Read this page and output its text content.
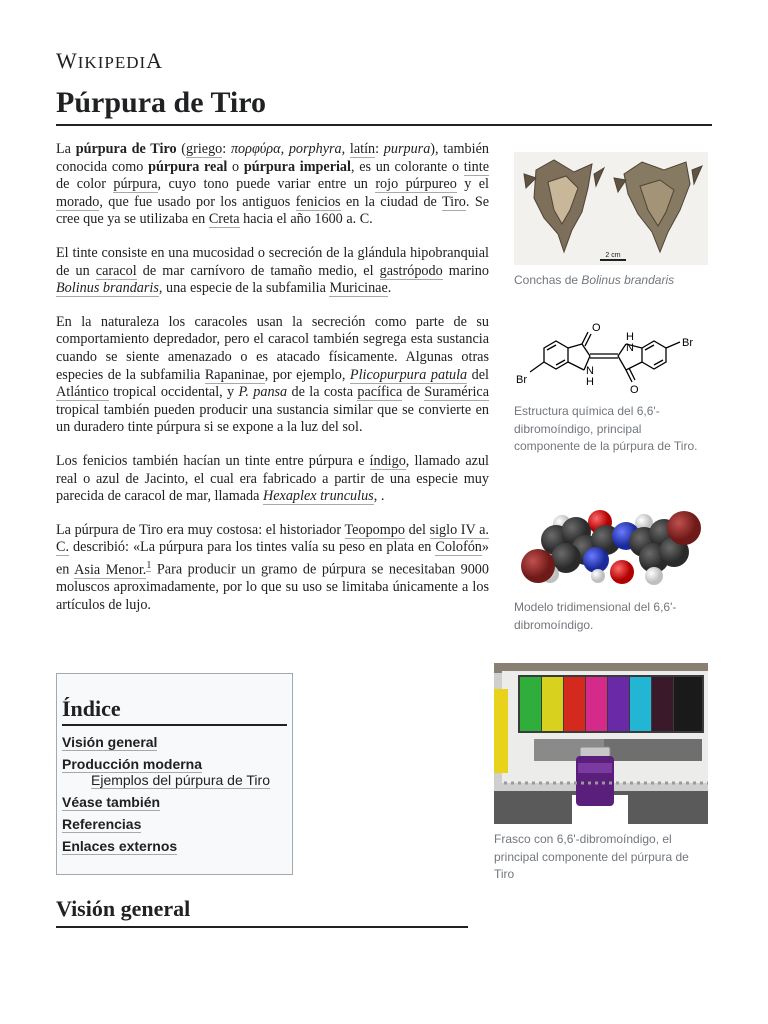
WIKIPEDIA
Púrpura de Tiro

La púrpura de Tiro (griego: πορφύρα, porphyra, latín: purpura), también conocida como púrpura real o púrpura imperial, es un colorante o tinte de color púrpura, cuyo tono puede variar entre un rojo púrpureo y el morado, que fue usado por los antiguos fenicios en la ciudad de Tiro. Se cree que ya se utilizaba en Creta hacia el año 1600 a. C.

El tinte consiste en una mucosidad o secreción de la glándula hipobranquial de un caracol de mar carnívoro de tamaño medio, el gastrópodo marino Bolinus brandaris, una especie de la subfamilia Muricinae.

En la naturaleza los caracoles usan la secreción como parte de su comportamiento depredador, pero el caracol también segrega esta sustancia cuando se siente amenazado o es atacado físicamente. Algunas otras especies de la subfamilia Rapaninae, por ejemplo, Plicopurpura patula del Atlántico tropical occidental, y P. pansa de la costa pacífica de Suramérica tropical también pueden producir una sustancia similar que se convierte en un duradero tinte púrpura si se expone a la luz del sol.

Los fenicios también hacían un tinte entre púrpura e índigo, llamado azul real o azul de Jacinto, el cual era fabricado a partir de una especie muy parecida de caracol de mar, llamada Hexaplex trunculus, .

La púrpura de Tiro era muy costosa: el historiador Teopompo del siglo IV a. C. describió: «La púrpura para los tintes valía su peso en plata en Colofón» en Asia Menor.$^1$ Para producir un gramo de púrpura se necesitaban 9000 moluscos aproximadamente, por lo que su uso se limitaba únicamente a los artículos de lujo.

2 cm
Conchas de Bolinus brandaris
O
H
N
O
N
H
Br
Br
Estructura química del 6,6'-dibromoíndigo, principal componente de la púrpura de Tiro.
Modelo tridimensional del 6,6'-dibromoíndigo.
Frasco con 6,6'-dibromoíndigo, el principal componente del púrpura de Tiro
Índice
Visión general
Producción moderna
Ejemplos del púrpura de Tiro
Véase también
Referencias
Enlaces externos
Visión general
